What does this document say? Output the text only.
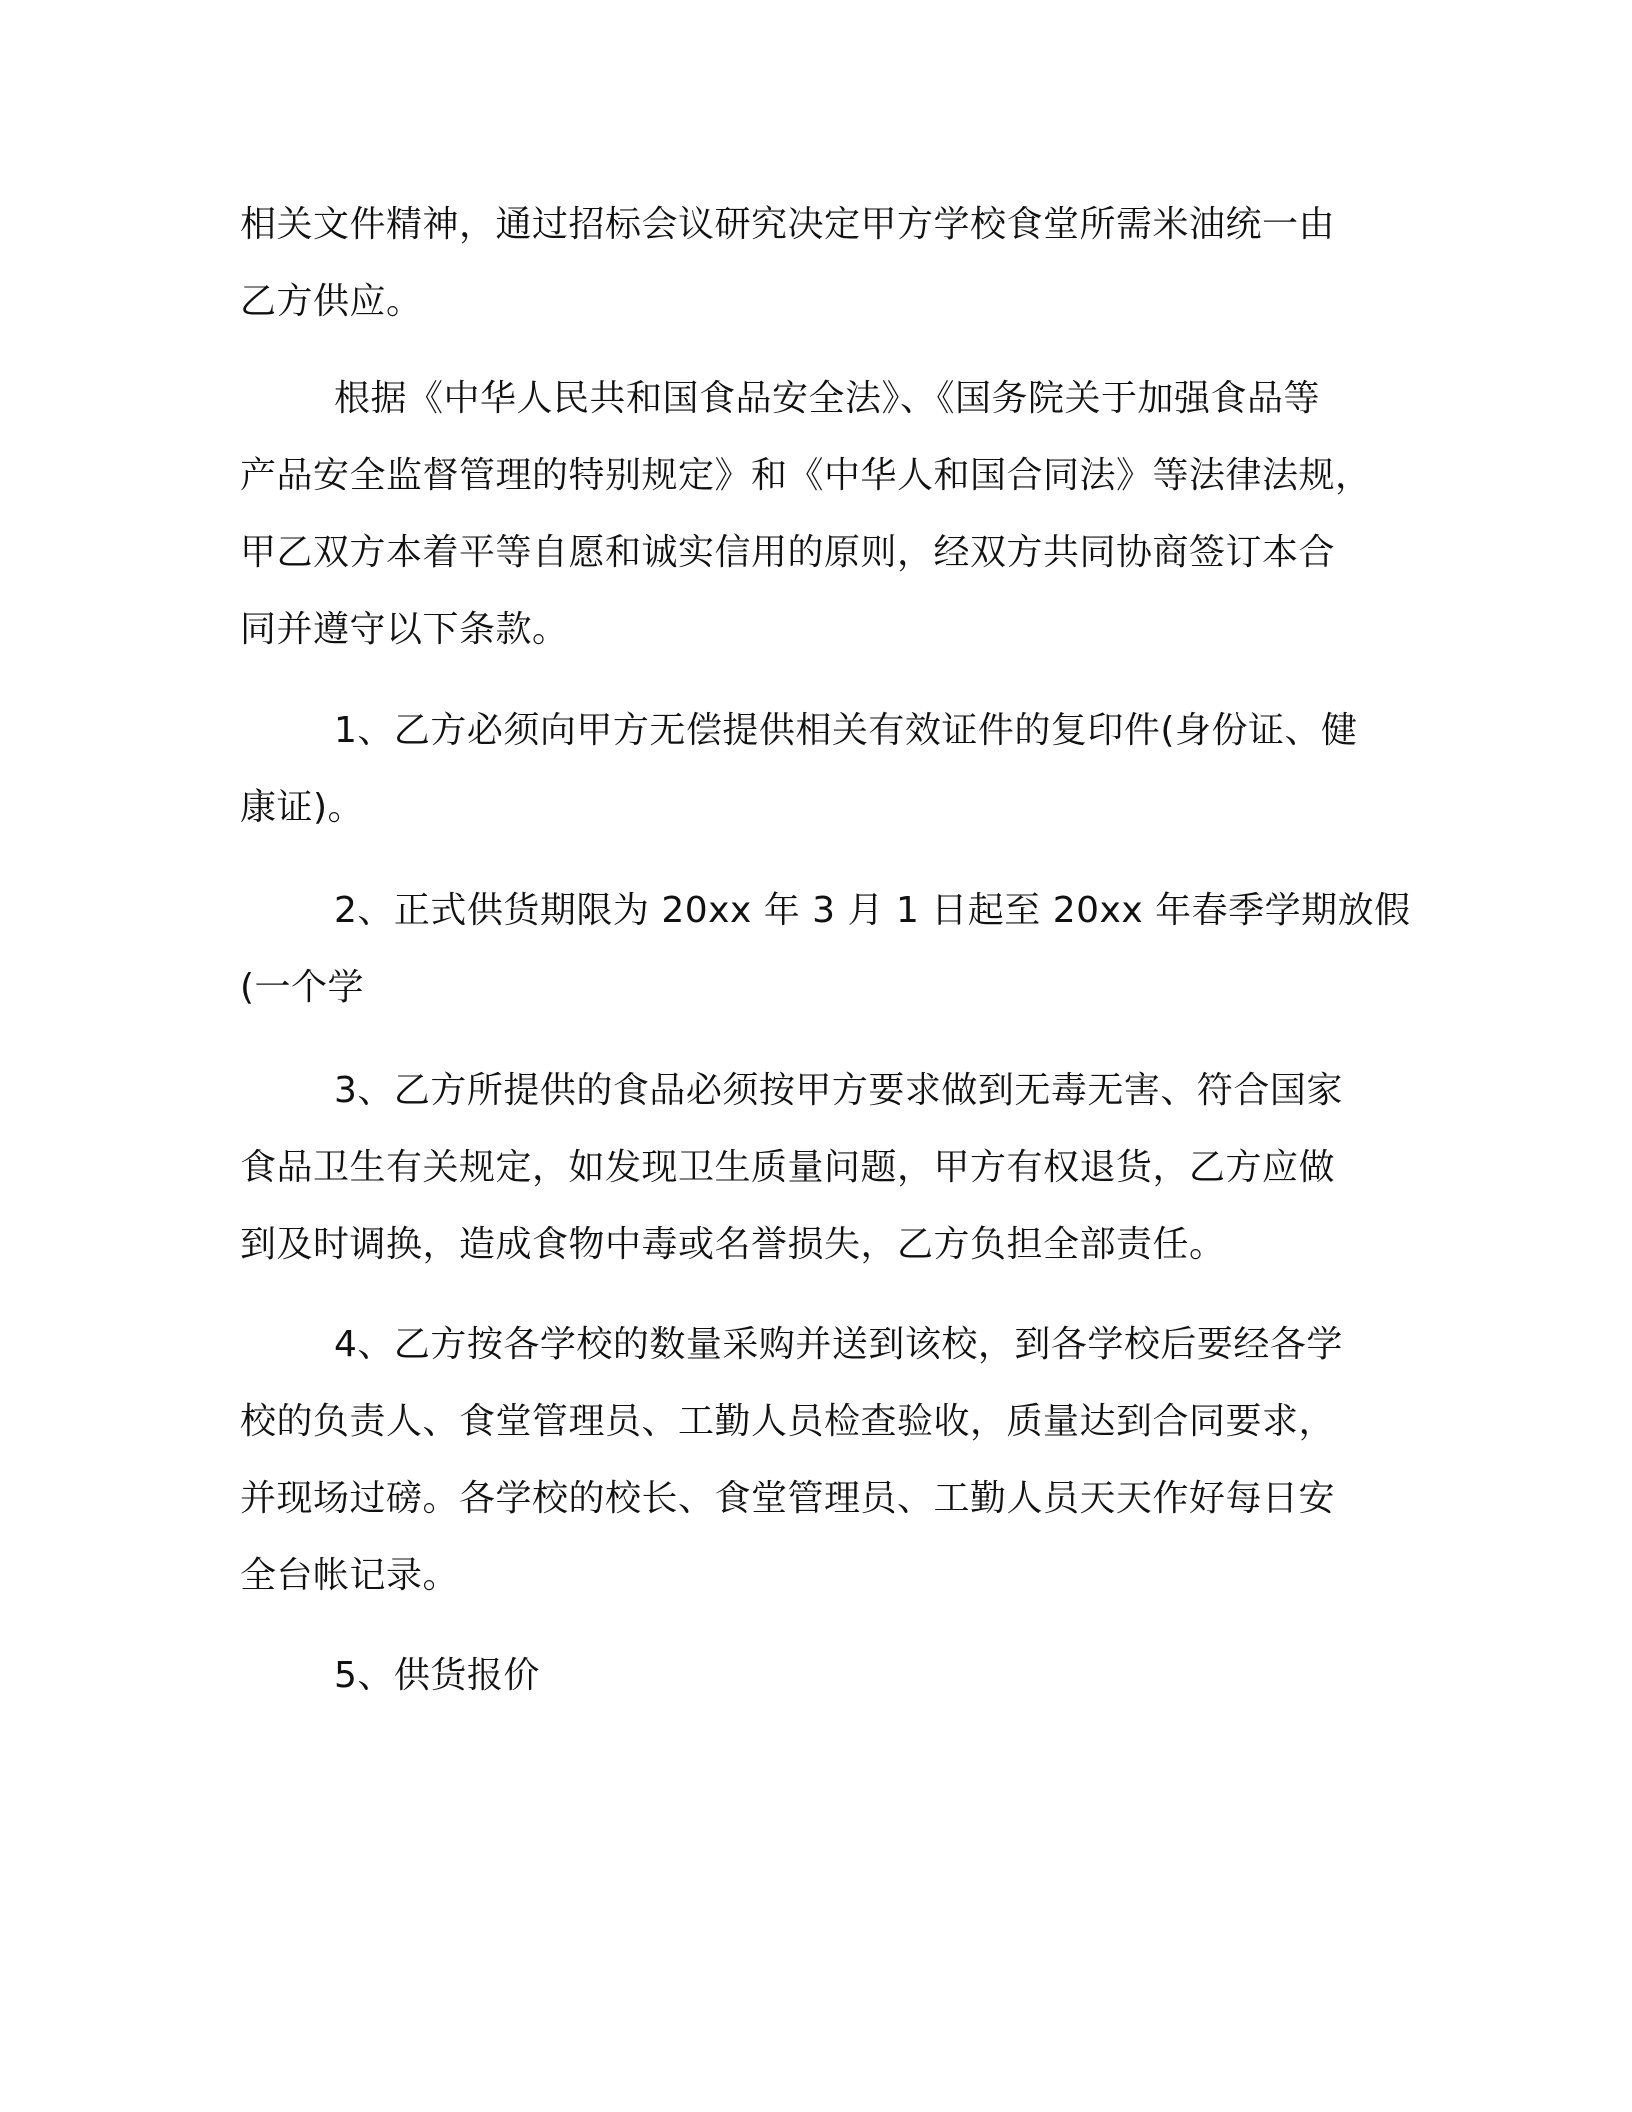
相关文件精神，通过招标会议研究决定甲方学校食堂所需米油统一由
乙方供应。

根据《中华人民共和国食品安全法》、《国务院关于加强食品等
产品安全监督管理的特别规定》和《中华人和国合同法》等法律法规，
甲乙双方本着平等自愿和诚实信用的原则，经双方共同协商签订本合
同并遵守以下条款。

1、乙方必须向甲方无偿提供相关有效证件的复印件(身份证、健
康证)。

2、正式供货期限为 20xx 年 3 月 1 日起至 20xx 年春季学期放假
(一个学

3、乙方所提供的食品必须按甲方要求做到无毒无害、符合国家
食品卫生有关规定，如发现卫生质量问题，甲方有权退货，乙方应做
到及时调换，造成食物中毒或名誉损失，乙方负担全部责任。

4、乙方按各学校的数量采购并送到该校，到各学校后要经各学
校的负责人、食堂管理员、工勤人员检查验收，质量达到合同要求，
并现场过磅。各学校的校长、食堂管理员、工勤人员天天作好每日安
全台帐记录。

5、供货报价
